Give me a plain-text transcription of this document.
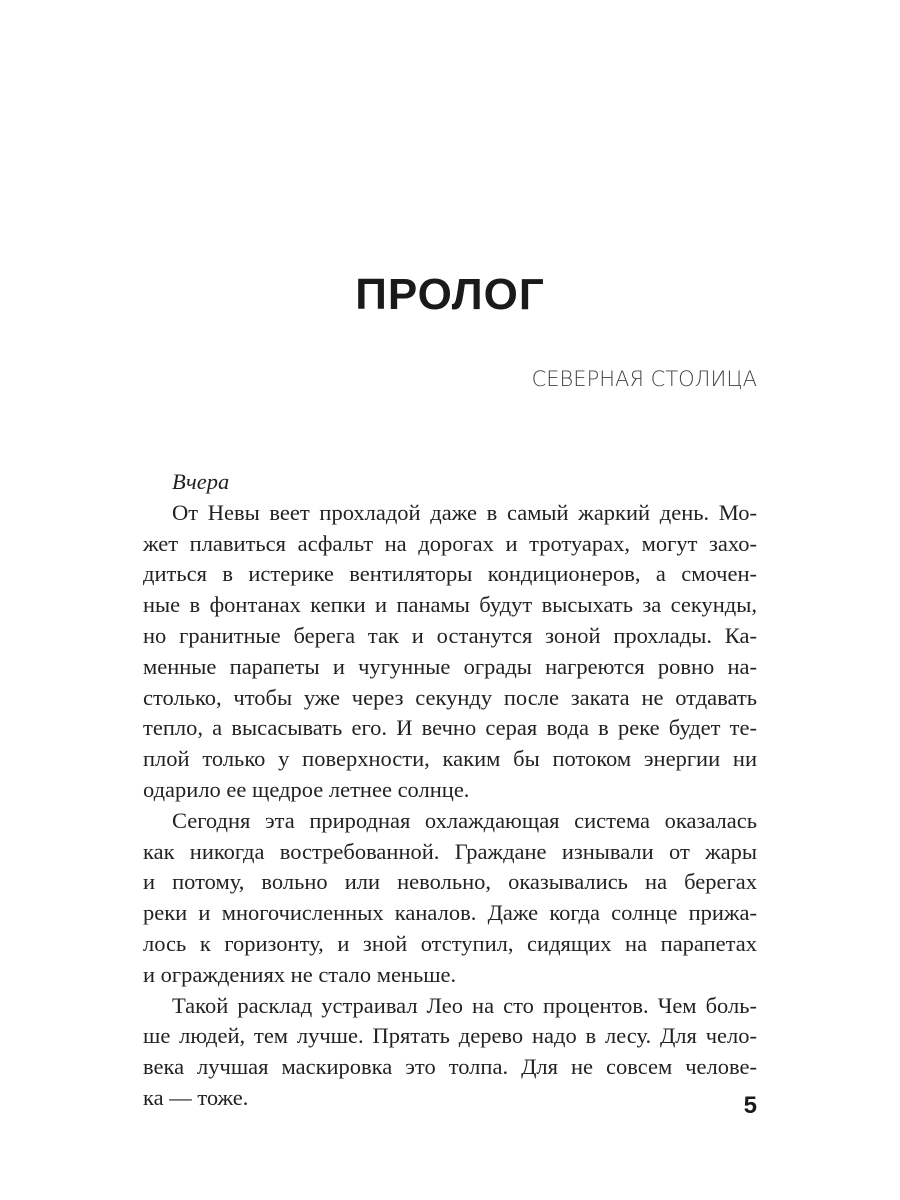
ПРОЛОГ
СЕВЕРНАЯ СТОЛИЦА
Вчера
От Невы веет прохладой даже в самый жаркий день. Мо-
жет плавиться асфальт на дорогах и тротуарах, могут захо-
диться в истерике вентиляторы кондиционеров, а смочен-
ные в фонтанах кепки и панамы будут высыхать за секунды,
но гранитные берега так и останутся зоной прохлады. Ка-
менные парапеты и чугунные ограды нагреются ровно на-
столько, чтобы уже через секунду после заката не отдавать
тепло, а высасывать его. И вечно серая вода в реке будет те-
плой только у поверхности, каким бы потоком энергии ни
одарило ее щедрое летнее солнце.
Сегодня эта природная охлаждающая система оказалась
как никогда востребованной. Граждане изнывали от жары
и потому, вольно или невольно, оказывались на берегах
реки и многочисленных каналов. Даже когда солнце прижа-
лось к горизонту, и зной отступил, сидящих на парапетах
и ограждениях не стало меньше.
Такой расклад устраивал Лео на сто процентов. Чем боль-
ше людей, тем лучше. Прятать дерево надо в лесу. Для чело-
века лучшая маскировка это толпа. Для не совсем челове-
ка — тоже.	5
